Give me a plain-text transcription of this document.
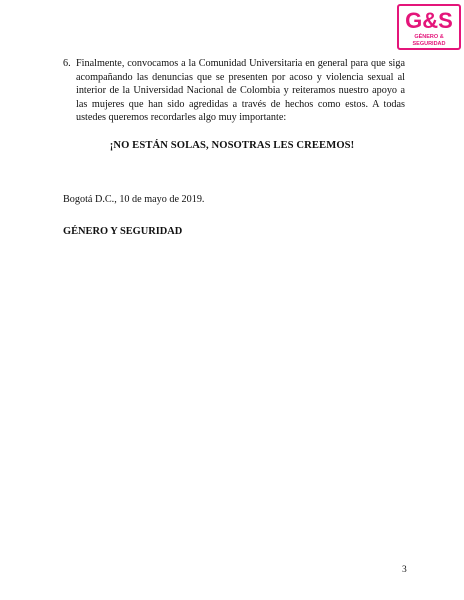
G&S
GÉNERO &
SEGURIDAD
6. Finalmente, convocamos a la Comunidad Universitaria en general para que siga acompañando las denuncias que se presenten por acoso y violencia sexual al interior de la Universidad Nacional de Colombia y reiteramos nuestro apoyo a las mujeres que han sido agredidas a través de hechos como estos. A todas ustedes queremos recordarles algo muy importante:
¡NO ESTÁN SOLAS, NOSOTRAS LES CREEMOS!
Bogotá D.C., 10 de mayo de 2019.
GÉNERO Y SEGURIDAD
3
